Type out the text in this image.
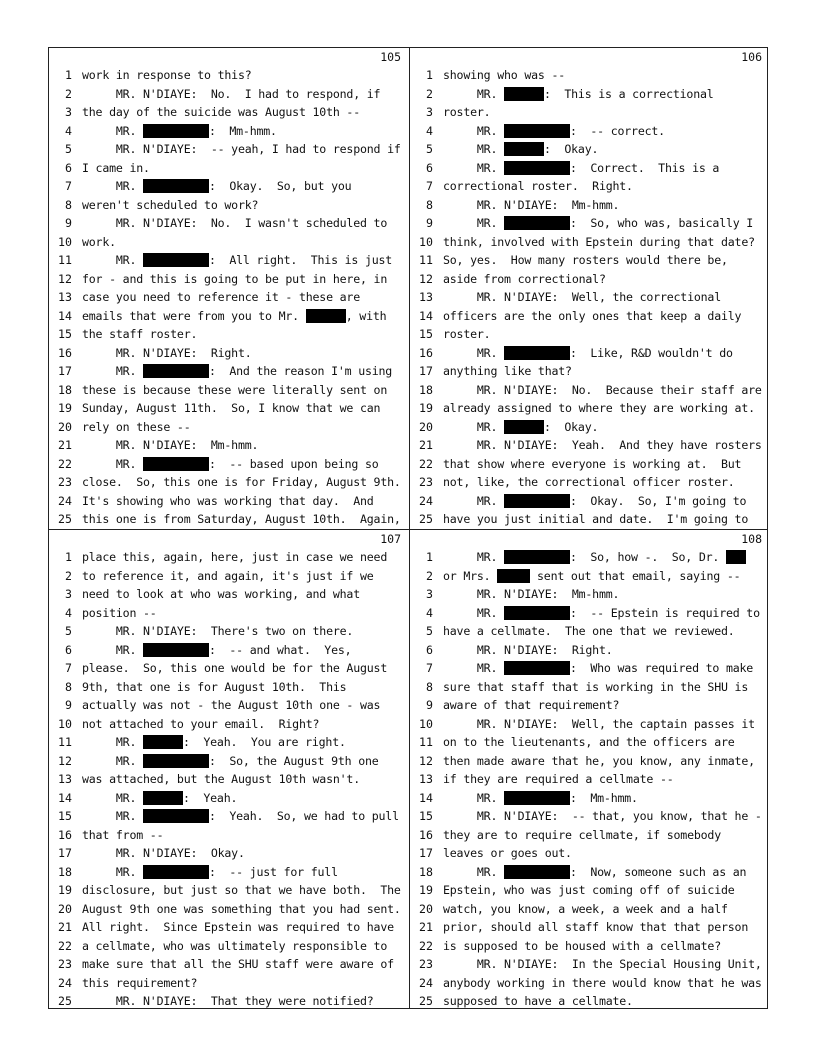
105
1 work in response to this?
2 MR. N'DIAYE:  No.  I had to respond, if
3 the day of the suicide was August 10th --
4 MR.	:  Mm-hmm.
5 MR. N'DIAYE:  -- yeah, I had to respond if
6 I came in.
7 MR.	:  Okay.  So, but you
8 weren't scheduled to work?
9 MR. N'DIAYE:  No.  I wasn't scheduled to
10 work.
11 MR.	:  All right.  This is just
12 for - and this is going to be put in here, in
13 case you need to reference it - these are
14 emails that were from you to Mr.	, with
15 the staff roster.
16 MR. N'DIAYE:  Right.
17 MR.	:  And the reason I'm using
18 these is because these were literally sent on
19 Sunday, August 11th.  So, I know that we can
20 rely on these --
21 MR. N'DIAYE:  Mm-hmm.
22 MR.	:  -- based upon being so
23 close.  So, this one is for Friday, August 9th.
24 It's showing who was working that day.  And
25 this one is from Saturday, August 10th.  Again,
106
1 showing who was --
2 MR.	:  This is a correctional
3 roster.
4 MR.	:  -- correct.
5 MR.	:  Okay.
6 MR.	:  Correct.  This is a
7 correctional roster.  Right.
8 MR. N'DIAYE:  Mm-hmm.
9 MR.	:  So, who was, basically I
10 think, involved with Epstein during that date?
11 So, yes.  How many rosters would there be,
12 aside from correctional?
13 MR. N'DIAYE:  Well, the correctional
14 officers are the only ones that keep a daily
15 roster.
16 MR.	:  Like, R&D wouldn't do
17 anything like that?
18 MR. N'DIAYE:  No.  Because their staff are
19 already assigned to where they are working at.
20 MR.	:  Okay.
21 MR. N'DIAYE:  Yeah.  And they have rosters
22 that show where everyone is working at.  But
23 not, like, the correctional officer roster.
24 MR.	:  Okay.  So, I'm going to
25 have you just initial and date.  I'm going to
107
1 place this, again, here, just in case we need
2 to reference it, and again, it's just if we
3 need to look at who was working, and what
4 position --
5 MR. N'DIAYE:  There's two on there.
6 MR.	:  -- and what.  Yes,
7 please.  So, this one would be for the August
8 9th, that one is for August 10th.  This
9 actually was not - the August 10th one - was
10 not attached to your email.  Right?
11 MR.	:  Yeah.  You are right.
12 MR.	:  So, the August 9th one
13 was attached, but the August 10th wasn't.
14 MR.	:  Yeah.
15 MR.	:  Yeah.  So, we had to pull
16 that from --
17 MR. N'DIAYE:  Okay.
18 MR.	:  -- just for full
19 disclosure, but just so that we have both.  The
20 August 9th one was something that you had sent.
21 All right.  Since Epstein was required to have
22 a cellmate, who was ultimately responsible to
23 make sure that all the SHU staff were aware of
24 this requirement?
25 MR. N'DIAYE:  That they were notified?
108
1 MR.	:  So, how -.  So, Dr.
2 or Mrs.	sent out that email, saying --
3 MR. N'DIAYE:  Mm-hmm.
4 MR.	:  -- Epstein is required to
5 have a cellmate.  The one that we reviewed.
6 MR. N'DIAYE:  Right.
7 MR.	:  Who was required to make
8 sure that staff that is working in the SHU is
9 aware of that requirement?
10 MR. N'DIAYE:  Well, the captain passes it
11 on to the lieutenants, and the officers are
12 then made aware that he, you know, any inmate,
13 if they are required a cellmate --
14 MR.	:  Mm-hmm.
15 MR. N'DIAYE:  -- that, you know, that he -
16 they are to require cellmate, if somebody
17 leaves or goes out.
18 MR.	:  Now, someone such as an
19 Epstein, who was just coming off of suicide
20 watch, you know, a week, a week and a half
21 prior, should all staff know that that person
22 is supposed to be housed with a cellmate?
23 MR. N'DIAYE:  In the Special Housing Unit,
24 anybody working in there would know that he was
25 supposed to have a cellmate.
